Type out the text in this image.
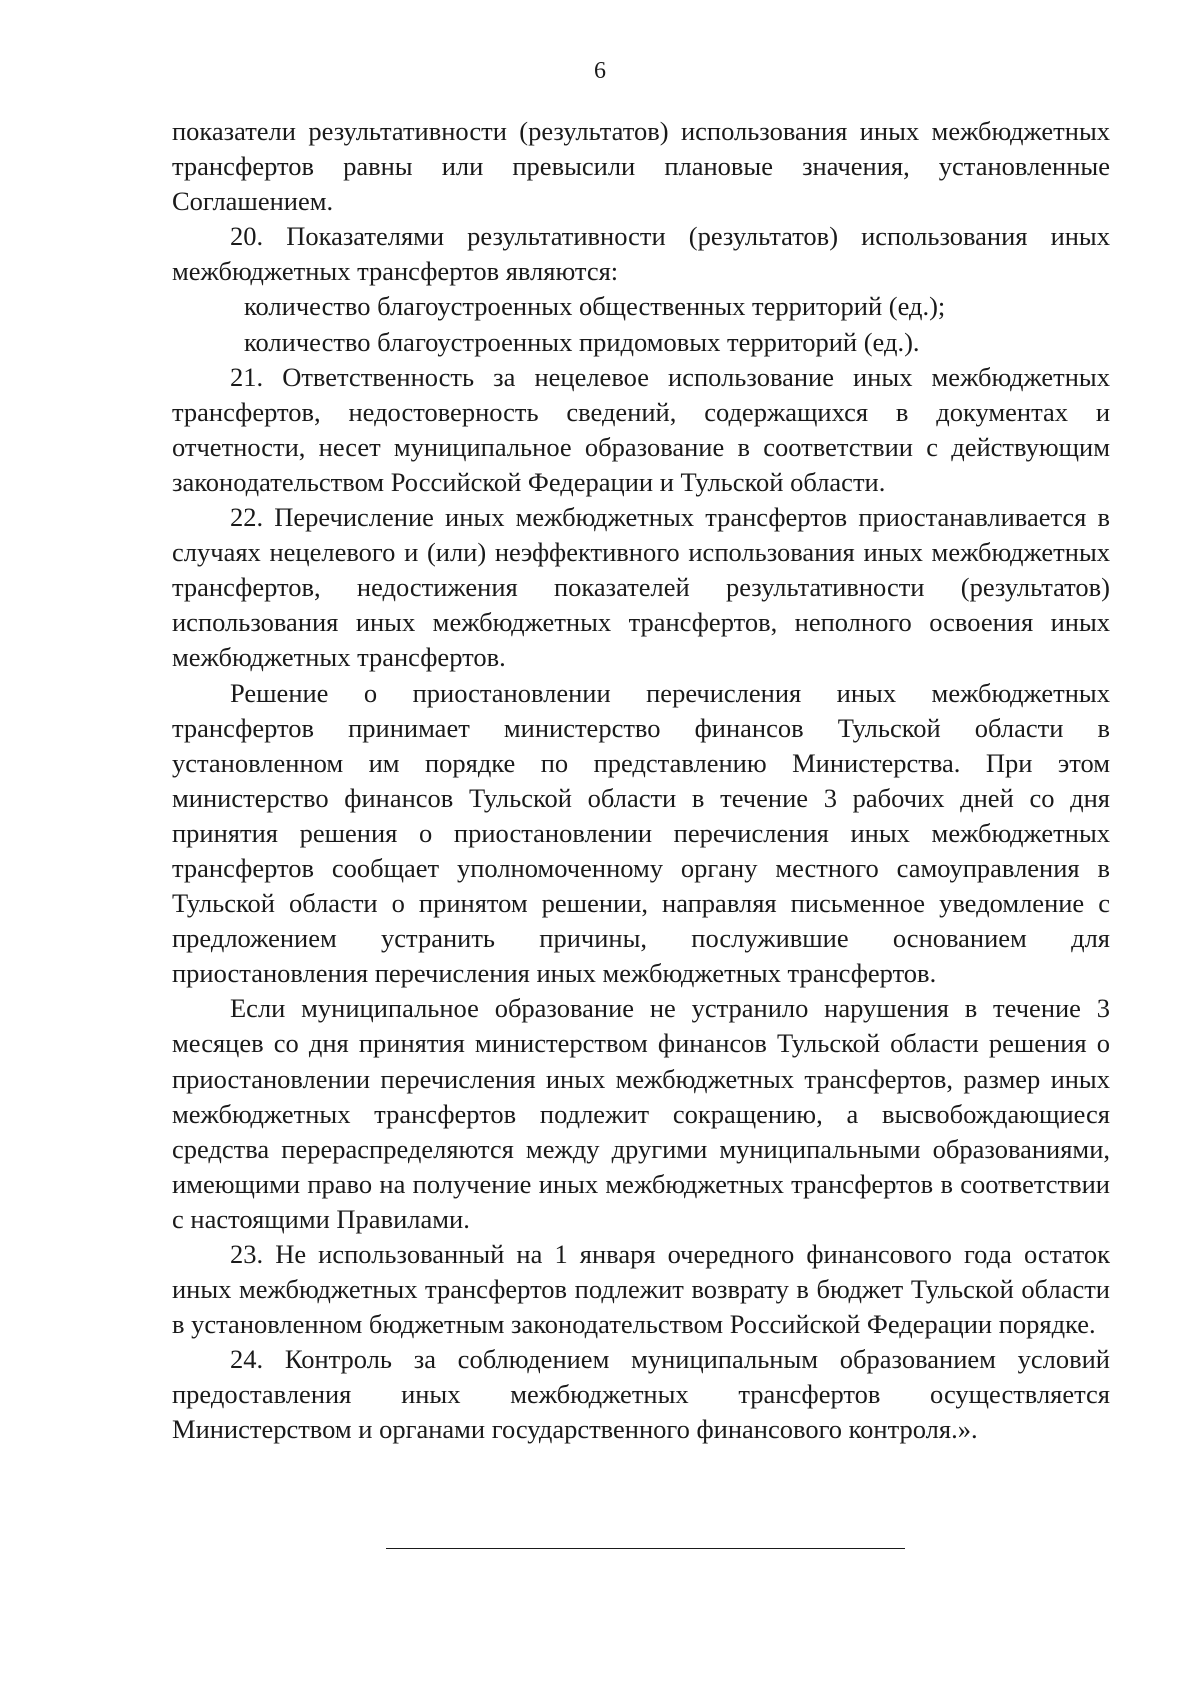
6

показатели результативности (результатов) использования иных межбюджетных трансфертов равны или превысили плановые значения, установленные Соглашением.

20. Показателями результативности (результатов) использования иных межбюджетных трансфертов являются:

количество благоустроенных общественных территорий (ед.);

количество благоустроенных придомовых территорий (ед.).

21. Ответственность за нецелевое использование иных межбюджетных трансфертов, недостоверность сведений, содержащихся в документах и отчетности, несет муниципальное образование в соответствии с действующим законодательством Российской Федерации и Тульской области.

22. Перечисление иных межбюджетных трансфертов приостанавливается в случаях нецелевого и (или) неэффективного использования иных межбюджетных трансфертов, недостижения показателей результативности (результатов) использования иных межбюджетных трансфертов, неполного освоения иных межбюджетных трансфертов.

Решение о приостановлении перечисления иных межбюджетных трансфертов принимает министерство финансов Тульской области в установленном им порядке по представлению Министерства. При этом министерство финансов Тульской области в течение 3 рабочих дней со дня принятия решения о приостановлении перечисления иных межбюджетных трансфертов сообщает уполномоченному органу местного самоуправления в Тульской области о принятом решении, направляя письменное уведомление с предложением устранить причины, послужившие основанием для приостановления перечисления иных межбюджетных трансфертов.

Если муниципальное образование не устранило нарушения в течение 3 месяцев со дня принятия министерством финансов Тульской области решения о приостановлении перечисления иных межбюджетных трансфертов, размер иных межбюджетных трансфертов подлежит сокращению, а высвобождающиеся средства перераспределяются между другими муниципальными образованиями, имеющими право на получение иных межбюджетных трансфертов в соответствии с настоящими Правилами.

23. Не использованный на 1 января очередного финансового года остаток иных межбюджетных трансфертов подлежит возврату в бюджет Тульской области в установленном бюджетным законодательством Российской Федерации порядке.

24. Контроль за соблюдением муниципальным образованием условий предоставления иных межбюджетных трансфертов осуществляется Министерством и органами государственного финансового контроля.».
